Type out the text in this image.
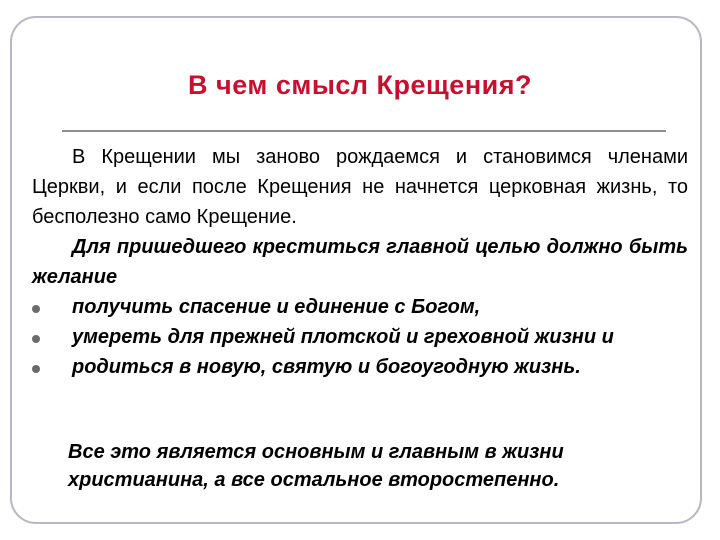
В чем смысл Крещения?

В Крещении мы заново рождаемся и становимся членами Церкви, и если после Крещения не начнется церковная жизнь, то бесполезно само Крещение.

Для пришедшего креститься главной целью должно быть желание

получить спасение и единение с Богом,
умереть для прежней плотской и греховной жизни и
родиться в новую, святую и богоугодную жизнь.
Все это является основным и главным в жизни
христианина, а все остальное второстепенно.
